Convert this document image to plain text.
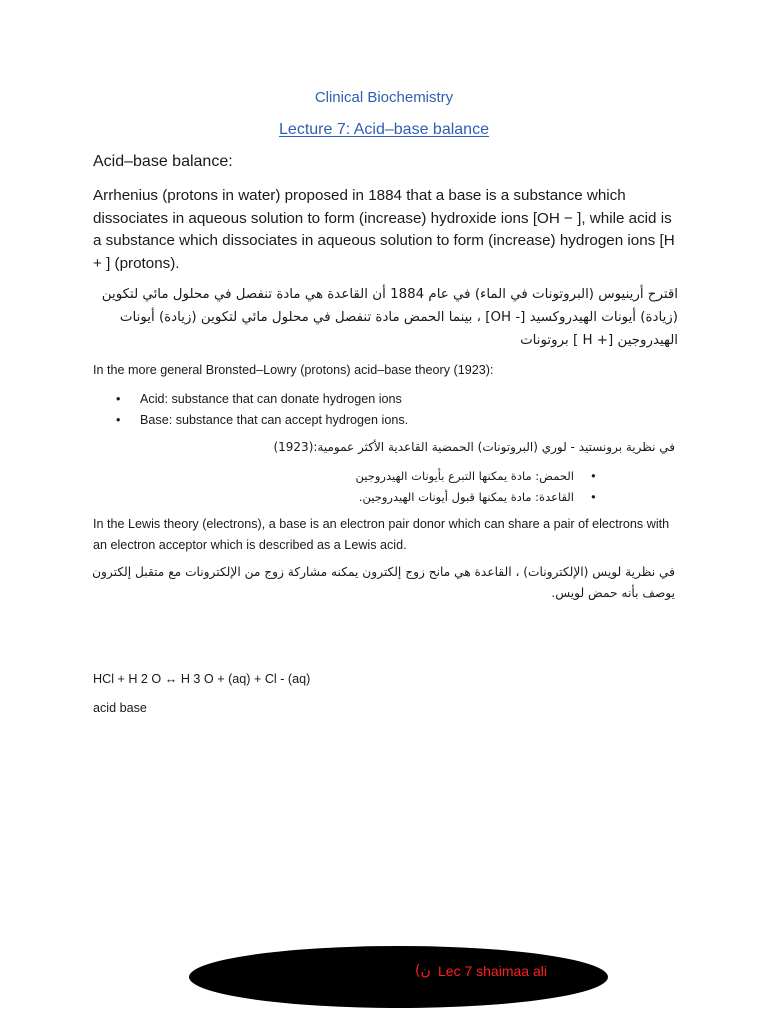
Clinical Biochemistry
Lecture 7: Acid–base balance
Acid–base balance:
Arrhenius (protons in water) proposed in 1884 that a base is a substance which dissociates in aqueous solution to form (increase) hydroxide ions [OH − ], while acid is a substance which dissociates in aqueous solution to form (increase) hydrogen ions [H + ] (protons).
اقترح أرينيوس (البروتونات في الماء) في عام 1884 أن القاعدة هي مادة تنفصل في محلول مائي لتكوين (زيادة) أيونات الهيدروكسيد [- OH] ، بينما الحمض مادة تنفصل في محلول مائي لتكوين (زيادة) أيونات الهيدروجين [+ H ] بروتونات
In the more general Bronsted–Lowry (protons) acid–base theory (1923):
• Acid: substance that can donate hydrogen ions
• Base: substance that can accept hydrogen ions.
في نظرية برونستيد - لوري (البروتونات) الحمضية القاعدية الأكثر عمومية:(1923)
•
الحمض: مادة يمكنها التبرع بأيونات الهيدروجين
•
القاعدة: مادة يمكنها قبول أيونات الهيدروجين.
In the Lewis theory (electrons), a base is an electron pair donor which can share a pair of electrons with an electron acceptor which is described as a Lewis acid.
في نظرية لويس (الإلكترونات) ، القاعدة هي مانح زوج إلكترون يمكنه مشاركة زوج من الإلكترونات مع متقبل إلكترون يوصف بأنه حمض لويس.
HCl + H 2 O ↔ H 3 O + (aq) + Cl - (aq)
acid base
(ن Lec 7 shaimaa ali
